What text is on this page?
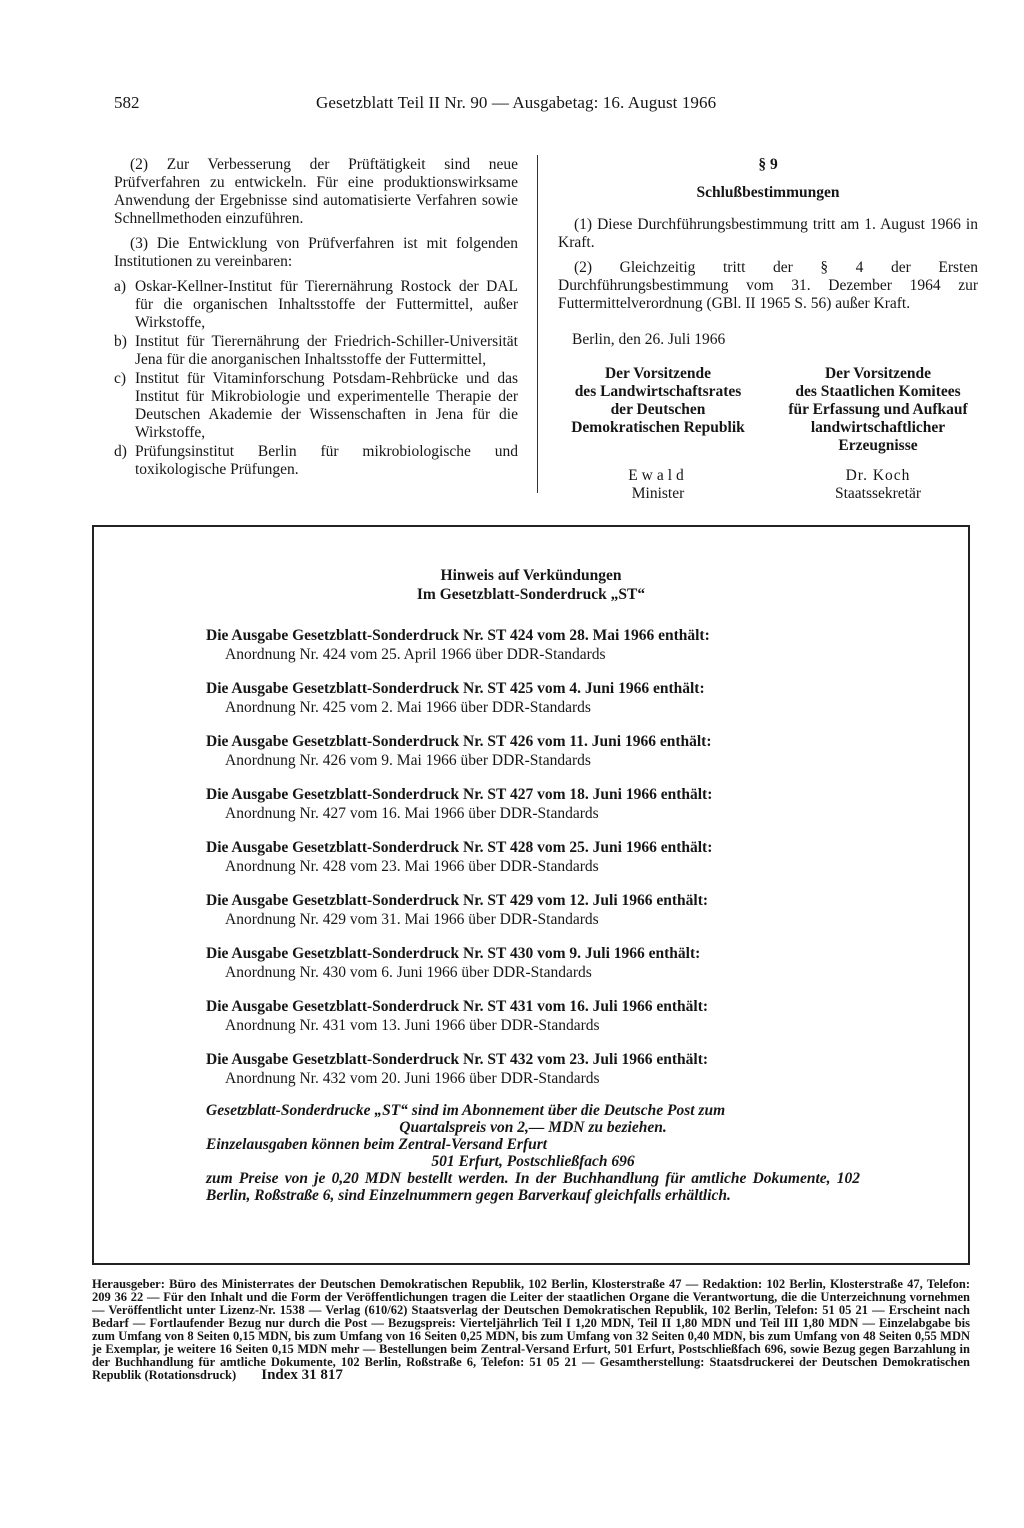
582	Gesetzblatt Teil II Nr. 90 — Ausgabetag: 16. August 1966

(2) Zur Verbesserung der Prüftätigkeit sind neue Prüfverfahren zu entwickeln. Für eine produktionswirksame Anwendung der Ergebnisse sind automatisierte Verfahren sowie Schnellmethoden einzuführen.

(3) Die Entwicklung von Prüfverfahren ist mit folgenden Institutionen zu vereinbaren:

a) Oskar-Kellner-Institut für Tierernährung Rostock der DAL für die organischen Inhaltsstoffe der Futtermittel, außer Wirkstoffe,
b) Institut für Tierernährung der Friedrich-Schiller-Universität Jena für die anorganischen Inhaltsstoffe der Futtermittel,
c) Institut für Vitaminforschung Potsdam-Rehbrücke und das Institut für Mikrobiologie und experimentelle Therapie der Deutschen Akademie der Wissenschaften in Jena für die Wirkstoffe,
d) Prüfungsinstitut Berlin für mikrobiologische und toxikologische Prüfungen.
§ 9
Schlußbestimmungen

(1) Diese Durchführungsbestimmung tritt am 1. August 1966 in Kraft.

(2) Gleichzeitig tritt der § 4 der Ersten Durchführungsbestimmung vom 31. Dezember 1964 zur Futtermittelverordnung (GBl. II 1965 S. 56) außer Kraft.

Berlin, den 26. Juli 1966
Der Vorsitzende
des Landwirtschaftsrates
der Deutschen
Demokratischen Republik
Ewald
Minister
Der Vorsitzende
des Staatlichen Komitees
für Erfassung und Aufkauf
landwirtschaftlicher
Erzeugnisse
Dr. Koch
Staatssekretär
Hinweis auf Verkündungen
Im Gesetzblatt-Sonderdruck „ST“
Die Ausgabe Gesetzblatt-Sonderdruck Nr. ST 424 vom 28. Mai 1966 enthält:
Anordnung Nr. 424 vom 25. April 1966 über DDR-Standards
Die Ausgabe Gesetzblatt-Sonderdruck Nr. ST 425 vom 4. Juni 1966 enthält:
Anordnung Nr. 425 vom 2. Mai 1966 über DDR-Standards
Die Ausgabe Gesetzblatt-Sonderdruck Nr. ST 426 vom 11. Juni 1966 enthält:
Anordnung Nr. 426 vom 9. Mai 1966 über DDR-Standards
Die Ausgabe Gesetzblatt-Sonderdruck Nr. ST 427 vom 18. Juni 1966 enthält:
Anordnung Nr. 427 vom 16. Mai 1966 über DDR-Standards
Die Ausgabe Gesetzblatt-Sonderdruck Nr. ST 428 vom 25. Juni 1966 enthält:
Anordnung Nr. 428 vom 23. Mai 1966 über DDR-Standards
Die Ausgabe Gesetzblatt-Sonderdruck Nr. ST 429 vom 12. Juli 1966 enthält:
Anordnung Nr. 429 vom 31. Mai 1966 über DDR-Standards
Die Ausgabe Gesetzblatt-Sonderdruck Nr. ST 430 vom 9. Juli 1966 enthält:
Anordnung Nr. 430 vom 6. Juni 1966 über DDR-Standards
Die Ausgabe Gesetzblatt-Sonderdruck Nr. ST 431 vom 16. Juli 1966 enthält:
Anordnung Nr. 431 vom 13. Juni 1966 über DDR-Standards
Die Ausgabe Gesetzblatt-Sonderdruck Nr. ST 432 vom 23. Juli 1966 enthält:
Anordnung Nr. 432 vom 20. Juni 1966 über DDR-Standards
Gesetzblatt-Sonderdrucke „ST“ sind im Abonnement über die Deutsche Post zum
Quartalspreis von 2,— MDN zu beziehen.
Einzelausgaben können beim Zentral-Versand Erfurt
501 Erfurt, Postschließfach 696
zum Preise von je 0,20 MDN bestellt werden. In der Buchhandlung für amtliche Dokumente, 102 Berlin, Roßstraße 6, sind Einzelnummern gegen Barverkauf gleichfalls erhältlich.
Herausgeber: Büro des Ministerrates der Deutschen Demokratischen Republik, 102 Berlin, Klosterstraße 47 — Redaktion: 102 Berlin, Klosterstraße 47, Telefon: 209 36 22 — Für den Inhalt und die Form der Veröffentlichungen tragen die Leiter der staatlichen Organe die Verantwortung, die die Unterzeichnung vornehmen — Veröffentlicht unter Lizenz-Nr. 1538 — Verlag (610/62) Staatsverlag der Deutschen Demokratischen Republik, 102 Berlin, Telefon: 51 05 21 — Erscheint nach Bedarf — Fortlaufender Bezug nur durch die Post — Bezugspreis: Vierteljährlich Teil I 1,20 MDN, Teil II 1,80 MDN und Teil III 1,80 MDN — Einzelabgabe bis zum Umfang von 8 Seiten 0,15 MDN, bis zum Umfang von 16 Seiten 0,25 MDN, bis zum Umfang von 32 Seiten 0,40 MDN, bis zum Umfang von 48 Seiten 0,55 MDN je Exemplar, je weitere 16 Seiten 0,15 MDN mehr — Bestellungen beim Zentral-Versand Erfurt, 501 Erfurt, Postschließfach 696, sowie Bezug gegen Barzahlung in der Buchhandlung für amtliche Dokumente, 102 Berlin, Roßstraße 6, Telefon: 51 05 21 — Gesamtherstellung: Staatsdruckerei der Deutschen Demokratischen Republik (Rotationsdruck) Index 31 817
